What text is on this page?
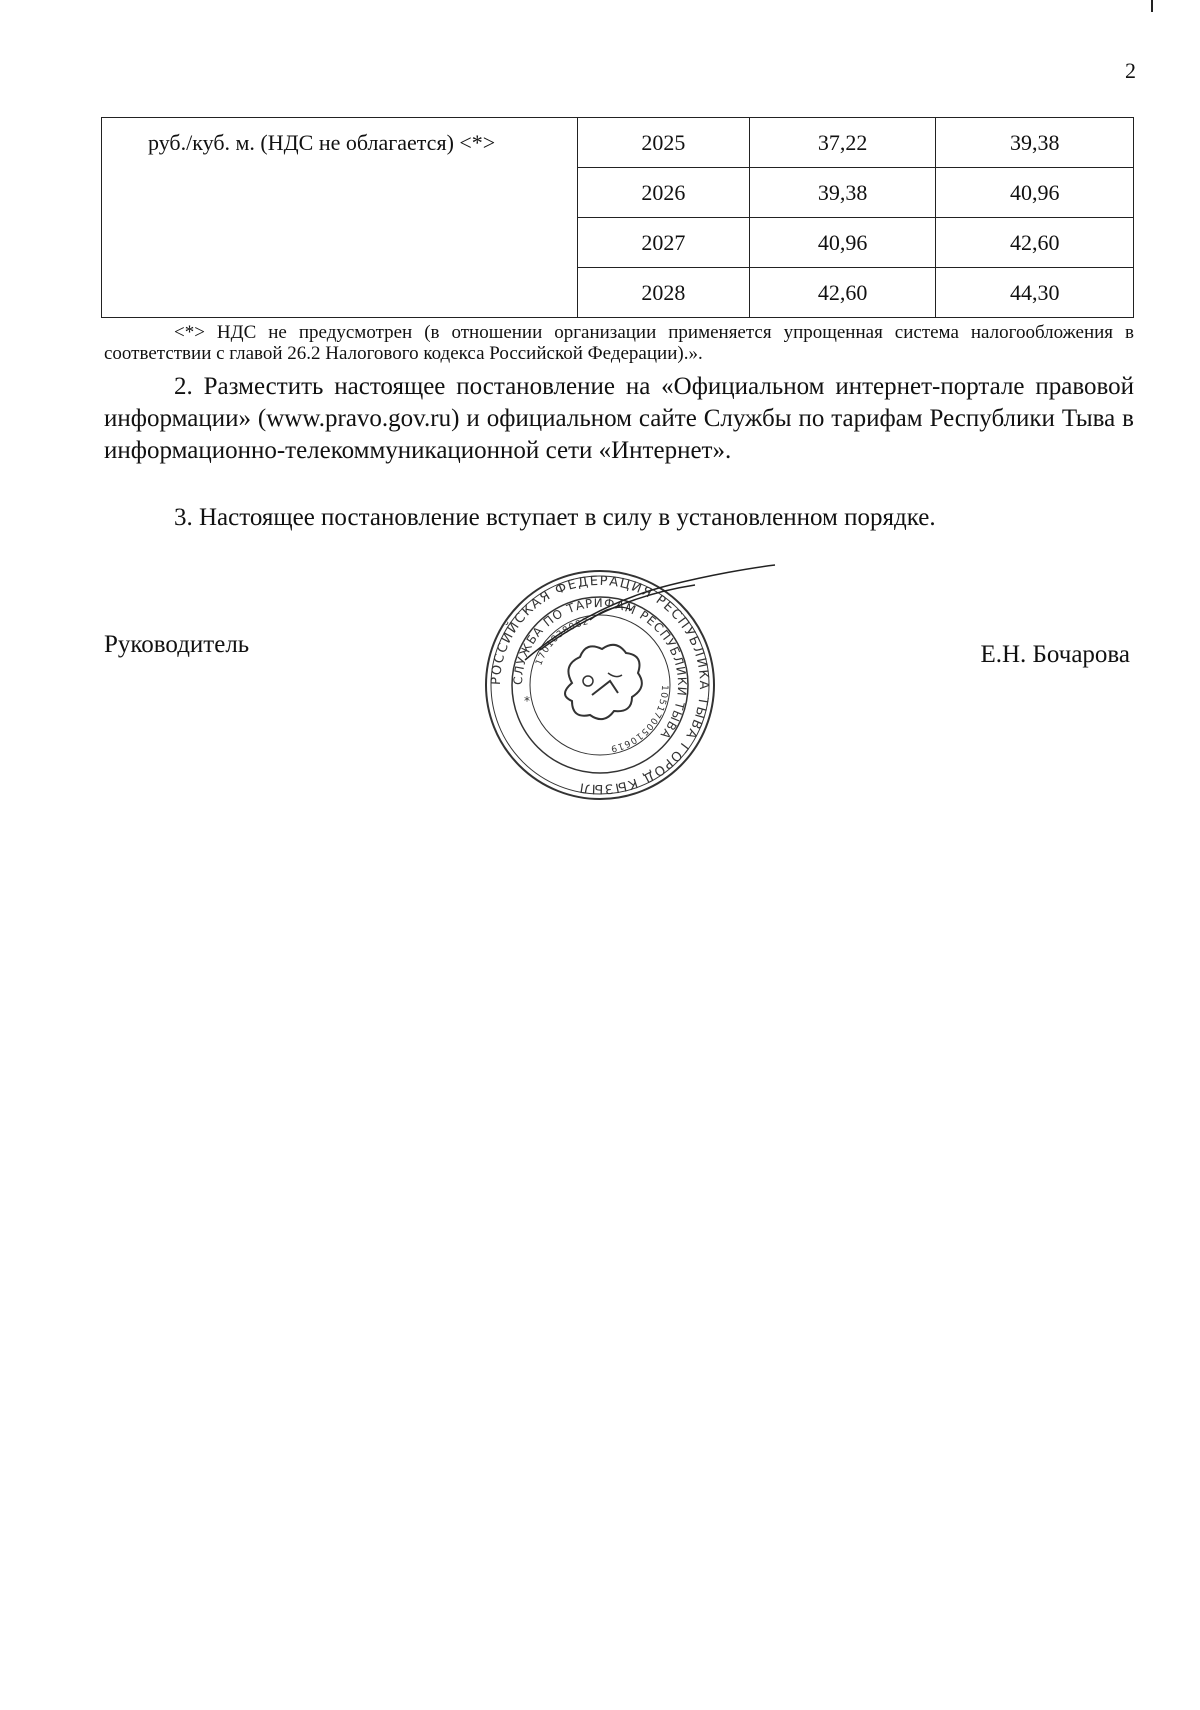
2
руб./куб. м. (НДС не облагается) <*>	2025	37,22	39,38
	2026	39,38	40,96
	2027	40,96	42,60
	2028	42,60	44,30
<*> НДС не предусмотрен (в отношении организации применяется упрощенная система налогообложения в соответствии с главой 26.2 Налогового кодекса Российской Федерации).».
2. Разместить настоящее постановление на «Официальном интернет-портале правовой информации» (www.pravo.gov.ru) и официальном сайте Службы по тарифам Республики Тыва в информационно-телекоммуникационной сети «Интернет».
3. Настоящее постановление вступает в силу в установленном порядке.
Руководитель	Е.Н. Бочарова
РОССИЙСКАЯ ФЕДЕРАЦИЯ РЕСПУБЛИКА ТЫВА ГОРОД КЫЗЫЛ
СЛУЖБА ПО ТАРИФАМ РЕСПУБЛИКИ ТЫВА
1051700510619
1701038082
*
